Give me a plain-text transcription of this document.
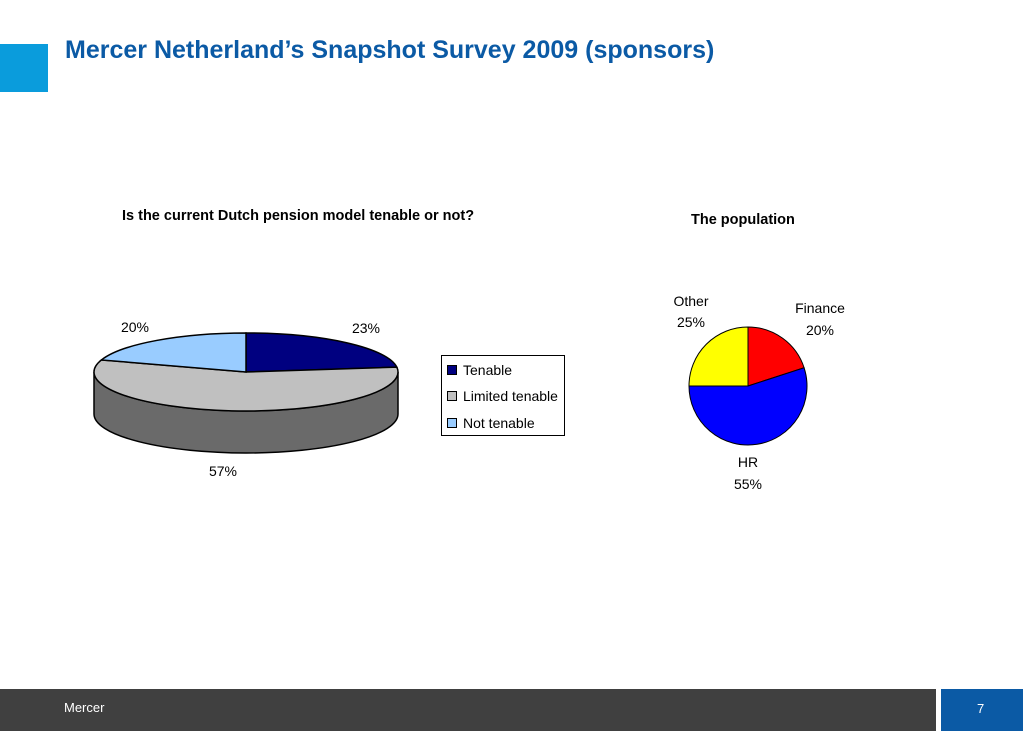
Mercer Netherland’s Snapshot Survey 2009 (sponsors)
Is the current Dutch pension model tenable or not?	The population
23%
57%
20%
Finance
20%
HR
55%
Other
25%
Tenable
Limited tenable
Not tenable
Mercer	7
